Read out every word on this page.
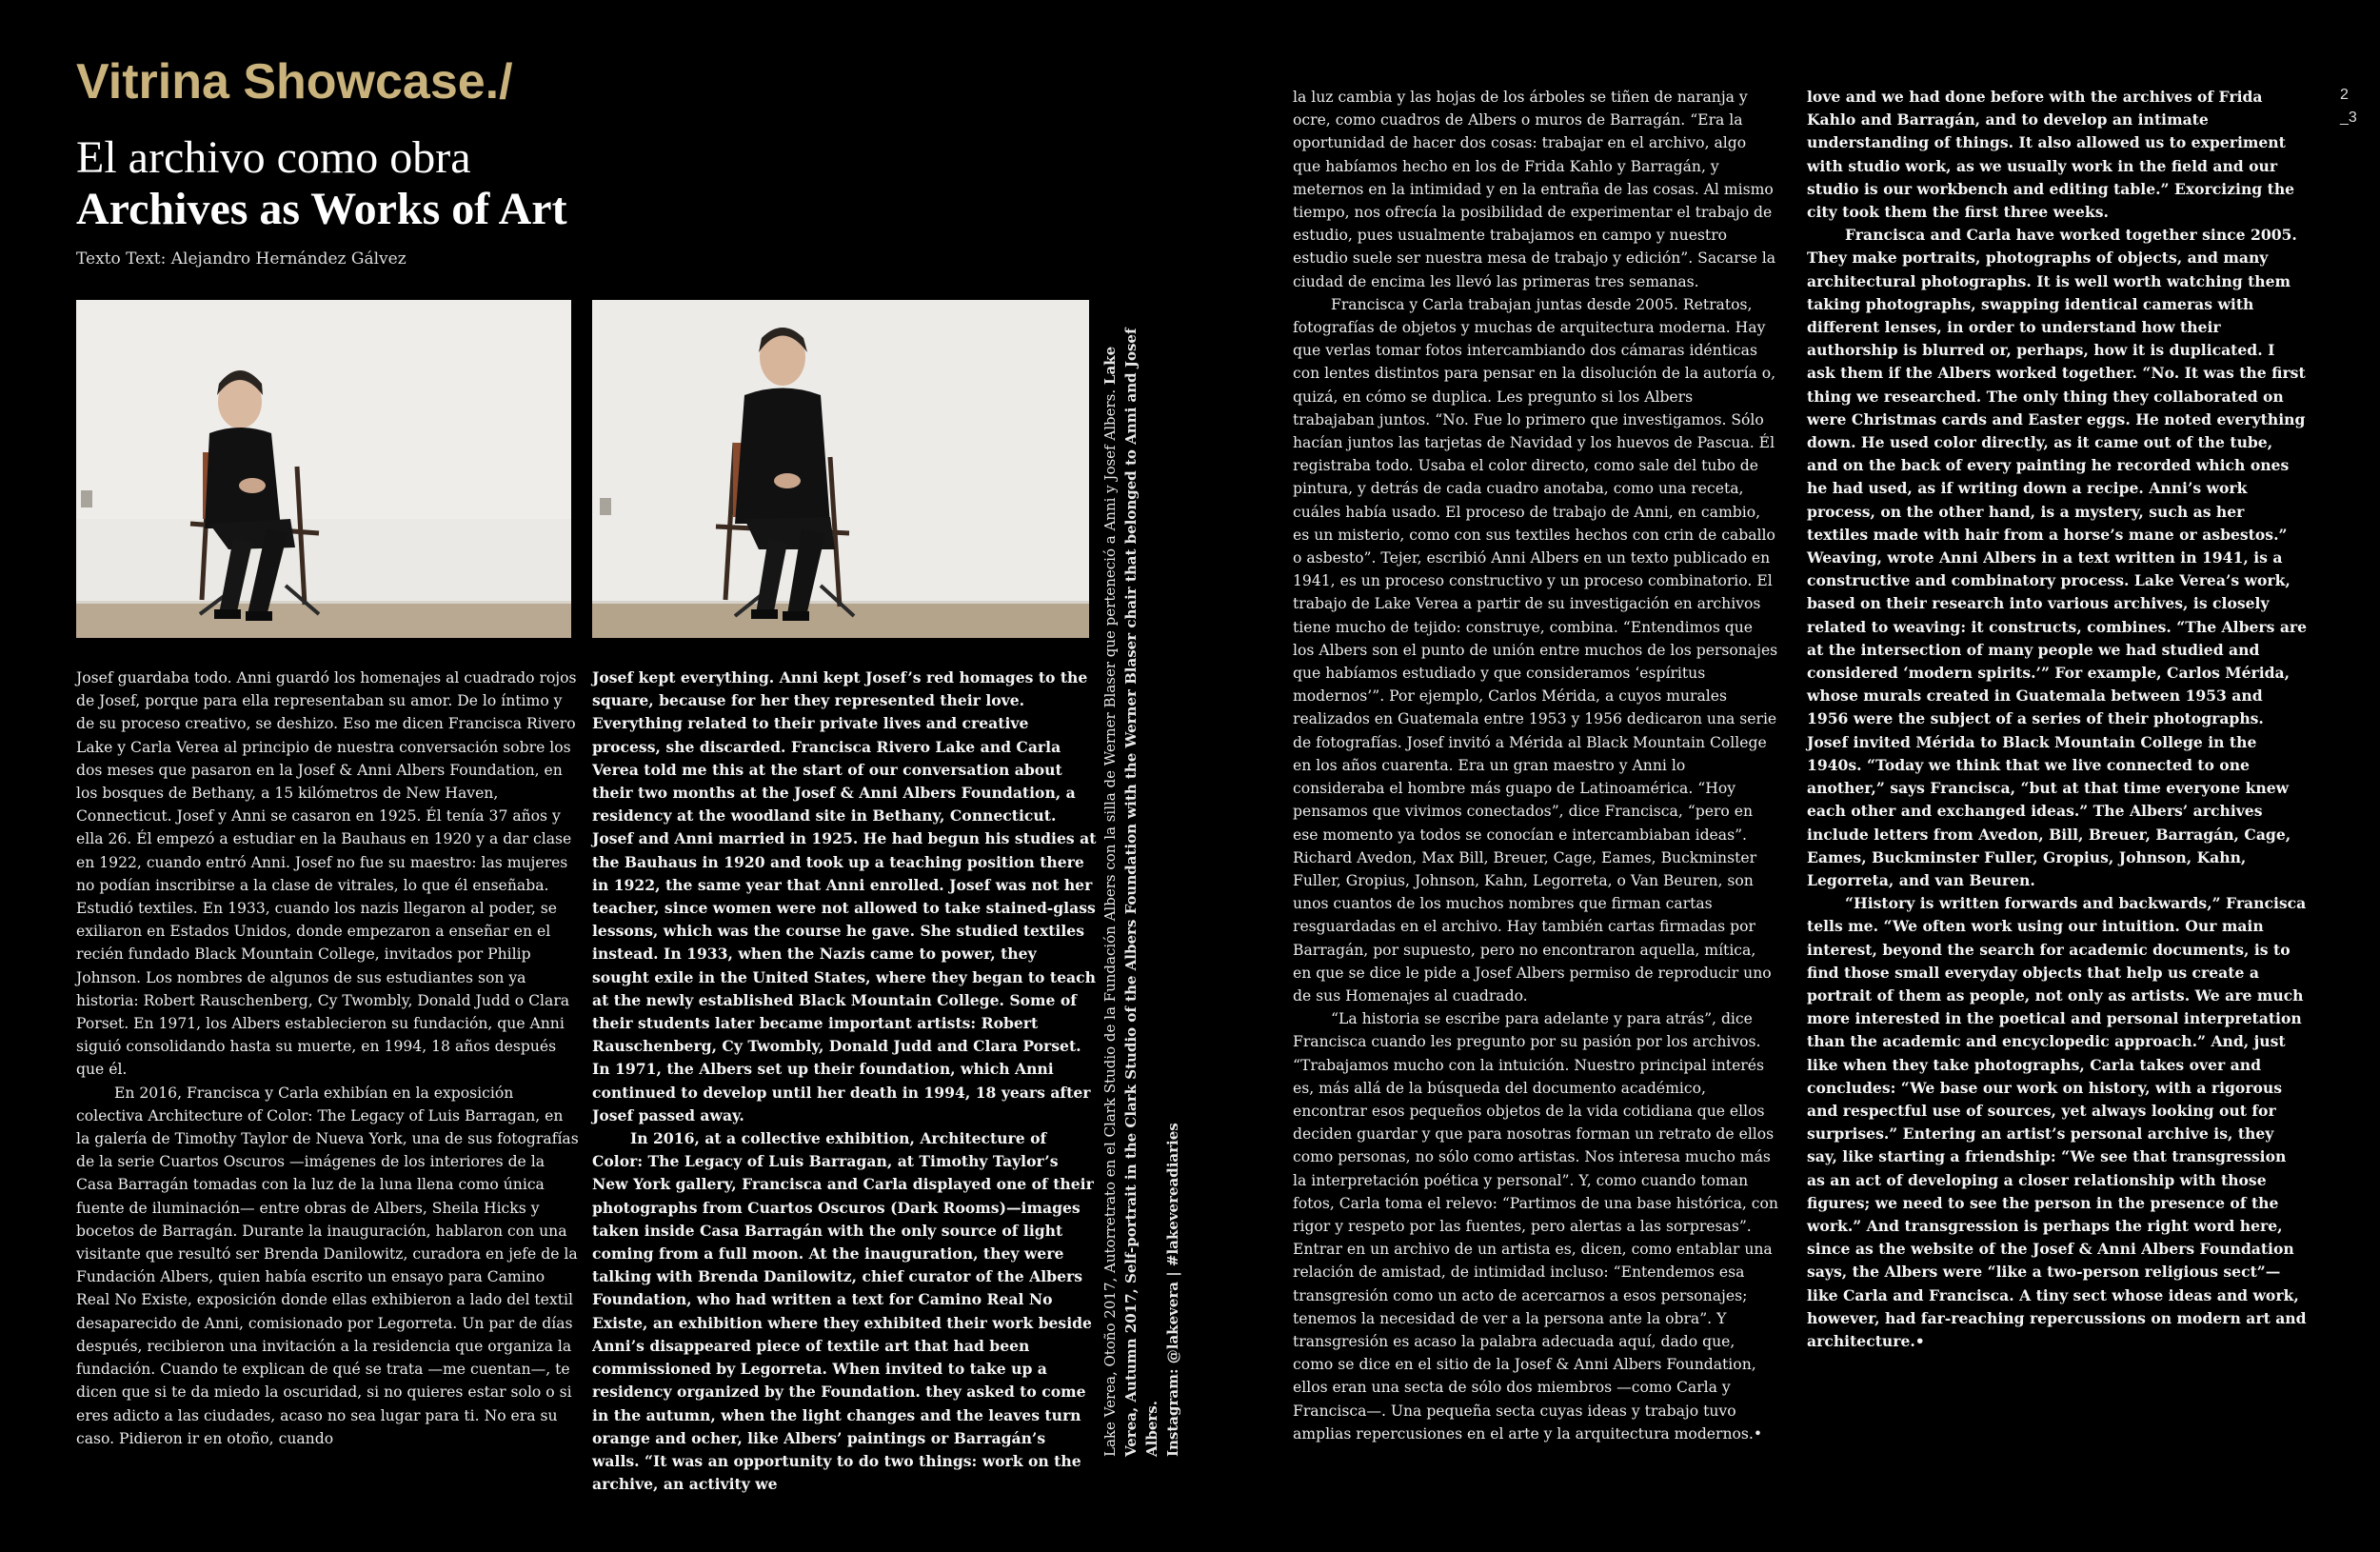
Vitrina Showcase./
El archivo como obra
Archives as Works of Art
Texto Text: Alejandro Hernández Gálvez

Josef guardaba todo. Anni guardó los homenajes al cuadrado rojos de Josef, porque para ella representaban su amor. De lo íntimo y de su proceso creativo, se deshizo. Eso me dicen Francisca Rivero Lake y Carla Verea al principio de nuestra conversación sobre los dos meses que pasaron en la Josef & Anni Albers Foundation, en los bosques de Bethany, a 15 kilómetros de New Haven, Connecticut. Josef y Anni se casaron en 1925. Él tenía 37 años y ella 26. Él empezó a estudiar en la Bauhaus en 1920 y a dar clase en 1922, cuando entró Anni. Josef no fue su maestro: las mujeres no podían inscribirse a la clase de vitrales, lo que él enseñaba. Estudió textiles. En 1933, cuando los nazis llegaron al poder, se exiliaron en Estados Unidos, donde empezaron a enseñar en el recién fundado Black Mountain College, invitados por Philip Johnson. Los nombres de algunos de sus estudiantes son ya historia: Robert Rauschenberg, Cy Twombly, Donald Judd o Clara Porset. En 1971, los Albers establecieron su fundación, que Anni siguió consolidando hasta su muerte, en 1994, 18 años después que él.

En 2016, Francisca y Carla exhibían en la exposición colectiva Architecture of Color: The Legacy of Luis Barragan, en la galería de Timothy Taylor de Nueva York, una de sus fotografías de la serie Cuartos Oscuros —imágenes de los interiores de la Casa Barragán tomadas con la luz de la luna llena como única fuente de iluminación— entre obras de Albers, Sheila Hicks y bocetos de Barragán. Durante la inauguración, hablaron con una visitante que resultó ser Brenda Danilowitz, curadora en jefe de la Fundación Albers, quien había escrito un ensayo para Camino Real No Existe, exposición donde ellas exhibieron a lado del textil desaparecido de Anni, comisionado por Legorreta. Un par de días después, recibieron una invitación a la residencia que organiza la fundación. Cuando te explican de qué se trata —me cuentan—, te dicen que si te da miedo la oscuridad, si no quieres estar solo o si eres adicto a las ciudades, acaso no sea lugar para ti. No era su caso. Pidieron ir en otoño, cuando

Josef kept everything. Anni kept Josef’s red homages to the square, because for her they represented their love. Everything related to their private lives and creative process, she discarded. Francisca Rivero Lake and Carla Verea told me this at the start of our conversation about their two months at the Josef & Anni Albers Foundation, a residency at the woodland site in Bethany, Connecticut. Josef and Anni married in 1925. He had begun his studies at the Bauhaus in 1920 and took up a teaching position there in 1922, the same year that Anni enrolled. Josef was not her teacher, since women were not allowed to take stained-glass lessons, which was the course he gave. She studied textiles instead. In 1933, when the Nazis came to power, they sought exile in the United States, where they began to teach at the newly established Black Mountain College. Some of their students later became important artists: Robert Rauschenberg, Cy Twombly, Donald Judd and Clara Porset. In 1971, the Albers set up their foundation, which Anni continued to develop until her death in 1994, 18 years after Josef passed away.

In 2016, at a collective exhibition, Architecture of Color: The Legacy of Luis Barragan, at Timothy Taylor’s New York gallery, Francisca and Carla displayed one of their photographs from Cuartos Oscuros (Dark Rooms)—images taken inside Casa Barragán with the only source of light coming from a full moon. At the inauguration, they were talking with Brenda Danilowitz, chief curator of the Albers Foundation, who had written a text for Camino Real No Existe, an exhibition where they exhibited their work beside Anni’s disappeared piece of textile art that had been commissioned by Legorreta. When invited to take up a residency organized by the Foundation. they asked to come in the autumn, when the light changes and the leaves turn orange and ocher, like Albers’ paintings or Barragán’s walls. “It was an opportunity to do two things: work on the archive, an activity we

la luz cambia y las hojas de los árboles se tiñen de naranja y ocre, como cuadros de Albers o muros de Barragán. “Era la oportunidad de hacer dos cosas: trabajar en el archivo, algo que habíamos hecho en los de Frida Kahlo y Barragán, y meternos en la intimidad y en la entraña de las cosas. Al mismo tiempo, nos ofrecía la posibilidad de experimentar el trabajo de estudio, pues usualmente trabajamos en campo y nuestro estudio suele ser nuestra mesa de trabajo y edición”. Sacarse la ciudad de encima les llevó las primeras tres semanas.

Francisca y Carla trabajan juntas desde 2005. Retratos, fotografías de objetos y muchas de arquitectura moderna. Hay que verlas tomar fotos intercambiando dos cámaras idénticas con lentes distintos para pensar en la disolución de la autoría o, quizá, en cómo se duplica. Les pregunto si los Albers trabajaban juntos. “No. Fue lo primero que investigamos. Sólo hacían juntos las tarjetas de Navidad y los huevos de Pascua. Él registraba todo. Usaba el color directo, como sale del tubo de pintura, y detrás de cada cuadro anotaba, como una receta, cuáles había usado. El proceso de trabajo de Anni, en cambio, es un misterio, como con sus textiles hechos con crin de caballo o asbesto”. Tejer, escribió Anni Albers en un texto publicado en 1941, es un proceso constructivo y un proceso combinatorio. El trabajo de Lake Verea a partir de su investigación en archivos tiene mucho de tejido: construye, combina. “Entendimos que los Albers son el punto de unión entre muchos de los personajes que habíamos estudiado y que consideramos ‘espíritus modernos’”. Por ejemplo, Carlos Mérida, a cuyos murales realizados en Guatemala entre 1953 y 1956 dedicaron una serie de fotografías. Josef invitó a Mérida al Black Mountain College en los años cuarenta. Era un gran maestro y Anni lo consideraba el hombre más guapo de Latinoamérica. “Hoy pensamos que vivimos conectados”, dice Francisca, “pero en ese momento ya todos se conocían e intercambiaban ideas”. Richard Avedon, Max Bill, Breuer, Cage, Eames, Buckminster Fuller, Gropius, Johnson, Kahn, Legorreta, o Van Beuren, son unos cuantos de los muchos nombres que firman cartas resguardadas en el archivo. Hay también cartas firmadas por Barragán, por supuesto, pero no encontraron aquella, mítica, en que se dice le pide a Josef Albers permiso de reproducir uno de sus Homenajes al cuadrado.

“La historia se escribe para adelante y para atrás”, dice Francisca cuando les pregunto por su pasión por los archivos. “Trabajamos mucho con la intuición. Nuestro principal interés es, más allá de la búsqueda del documento académico, encontrar esos pequeños objetos de la vida cotidiana que ellos deciden guardar y que para nosotras forman un retrato de ellos como personas, no sólo como artistas. Nos interesa mucho más la interpretación poética y personal”. Y, como cuando toman fotos, Carla toma el relevo: “Partimos de una base histórica, con rigor y respeto por las fuentes, pero alertas a las sorpresas”. Entrar en un archivo de un artista es, dicen, como entablar una relación de amistad, de intimidad incluso: “Entendemos esa transgresión como un acto de acercarnos a esos personajes; tenemos la necesidad de ver a la persona ante la obra”. Y transgresión es acaso la palabra adecuada aquí, dado que, como se dice en el sitio de la Josef & Anni Albers Foundation, ellos eran una secta de sólo dos miembros —como Carla y Francisca—. Una pequeña secta cuyas ideas y trabajo tuvo amplias repercusiones en el arte y la arquitectura modernos.•

love and we had done before with the archives of Frida Kahlo and Barragán, and to develop an intimate understanding of things. It also allowed us to experiment with studio work, as we usually work in the field and our studio is our workbench and editing table.” Exorcizing the city took them the first three weeks.

Francisca and Carla have worked together since 2005. They make portraits, photographs of objects, and many architectural photographs. It is well worth watching them taking photographs, swapping identical cameras with different lenses, in order to understand how their authorship is blurred or, perhaps, how it is duplicated. I ask them if the Albers worked together. “No. It was the first thing we researched. The only thing they collaborated on were Christmas cards and Easter eggs. He noted everything down. He used color directly, as it came out of the tube, and on the back of every painting he recorded which ones he had used, as if writing down a recipe. Anni’s work process, on the other hand, is a mystery, such as her textiles made with hair from a horse’s mane or asbestos.” Weaving, wrote Anni Albers in a text written in 1941, is a constructive and combinatory process. Lake Verea’s work, based on their research into various archives, is closely related to weaving: it constructs, combines. “The Albers are at the intersection of many people we had studied and considered ‘modern spirits.’” For example, Carlos Mérida, whose murals created in Guatemala between 1953 and 1956 were the subject of a series of their photographs. Josef invited Mérida to Black Mountain College in the 1940s. “Today we think that we live connected to one another,” says Francisca, “but at that time everyone knew each other and exchanged ideas.” The Albers’ archives include letters from Avedon, Bill, Breuer, Barragán, Cage, Eames, Buckminster Fuller, Gropius, Johnson, Kahn, Legorreta, and van Beuren.

“History is written forwards and backwards,” Francisca tells me. “We often work using our intuition. Our main interest, beyond the search for academic documents, is to find those small everyday objects that help us create a portrait of them as people, not only as artists. We are much more interested in the poetical and personal interpretation than the academic and encyclopedic approach.” And, just like when they take photographs, Carla takes over and concludes: “We base our work on history, with a rigorous and respectful use of sources, yet always looking out for surprises.” Entering an artist’s personal archive is, they say, like starting a friendship: “We see that transgression as an act of developing a closer relationship with those figures; we need to see the person in the presence of the work.” And transgression is perhaps the right word here, since as the website of the Josef & Anni Albers Foundation says, the Albers were “like a two-person religious sect”—like Carla and Francisca. A tiny sect whose ideas and work, however, had far-reaching repercussions on modern art and architecture.•

Lake Verea, Otoño 2017, Autorretrato en el Clark Studio de la Fundación Albers con la silla de Werner Blaser que perteneció a Anni y Josef Albers. Lake Verea, Autumn 2017, Self-portrait in the Clark Studio of the Albers Foundation with the Werner Blaser chair that belonged to Anni and Josef Albers. Instagram: @lakevera | #lakevereadiaries
2
_3
